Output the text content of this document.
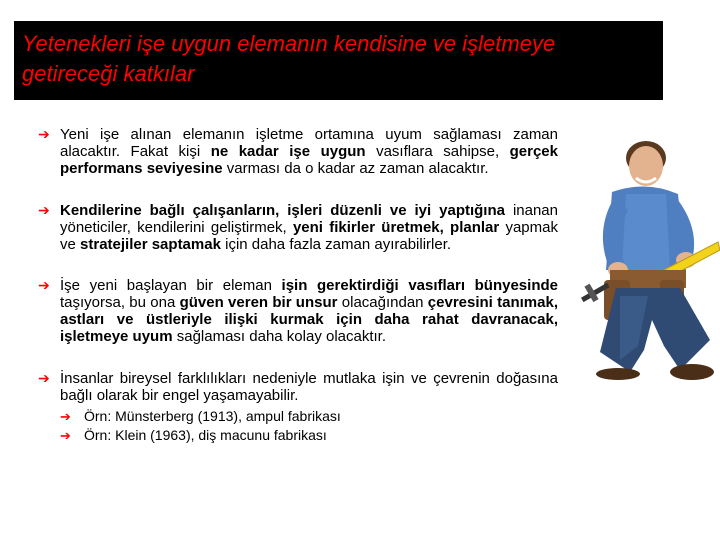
Yetenekleri işe uygun elemanın kendisine ve işletmeye getireceği katkılar
➔ Yeni işe alınan elemanın işletme ortamına uyum sağlaması zaman alacaktır. Fakat kişi ne kadar işe uygun vasıflara sahipse, gerçek performans seviyesine varması da o kadar az zaman alacaktır.
➔ Kendilerine bağlı çalışanların, işleri düzenli ve iyi yaptığına inanan yöneticiler, kendilerini geliştirmek, yeni fikirler üretmek, planlar yapmak ve stratejiler saptamak için daha fazla zaman ayırabilirler.
➔ İşe yeni başlayan bir eleman işin gerektirdiği vasıfları bünyesinde taşıyorsa, bu ona güven veren bir unsur olacağından çevresini tanımak, astları ve üstleriyle ilişki kurmak için daha rahat davranacak, işletmeye uyum sağlaması daha kolay olacaktır.
➔ İnsanlar bireysel farklılıkları nedeniyle mutlaka işin ve çevrenin doğasına bağlı olarak bir engel yaşamayabilir.
➔ Örn: Münsterberg (1913), ampul fabrikası
➔ Örn: Klein (1963), diş macunu fabrikası
